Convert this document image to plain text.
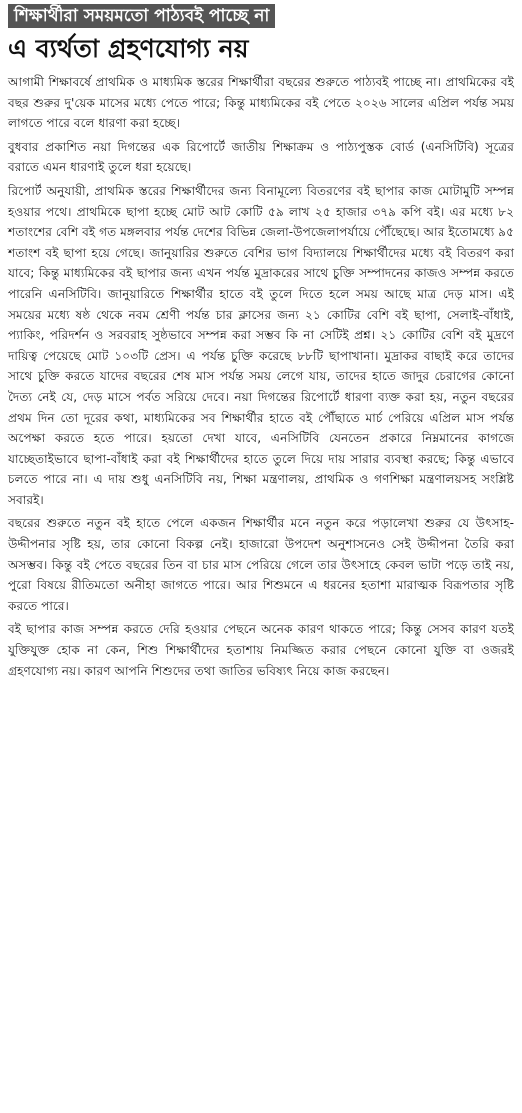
শিক্ষার্থীরা সময়মতো পাঠ্যবই পাচ্ছে না
এ ব্যর্থতা গ্রহণযোগ্য নয়

আগামী শিক্ষাবর্ষে প্রাথমিক ও মাধ্যমিক স্তরের শিক্ষার্থীরা বছরের শুরুতে পাঠ্যবই পাচ্ছে না। প্রাথমিকের বই বছর শুরুর দু'য়েক মাসের মধ্যে পেতে পারে; কিন্তু মাধ্যমিকের বই পেতে ২০২৬ সালের এপ্রিল পর্যন্ত সময় লাগতে পারে বলে ধারণা করা হচ্ছে।

বুধবার প্রকাশিত নয়া দিগন্তের এক রিপোর্টে জাতীয় শিক্ষাক্রম ও পাঠ্যপুস্তক বোর্ড (এনসিটিবি) সূত্রের বরাতে এমন ধারণাই তুলে ধরা হয়েছে।

রিপোর্ট অনুযায়ী, প্রাথমিক স্তরের শিক্ষার্থীদের জন্য বিনামূল্যে বিতরণের বই ছাপার কাজ মোটামুটি সম্পন্ন হওয়ার পথে। প্রাথমিকে ছাপা হচ্ছে মোট আট কোটি ৫৯ লাখ ২৫ হাজার ৩৭৯ কপি বই। এর মধ্যে ৮২ শতাংশের বেশি বই গত মঙ্গলবার পর্যন্ত দেশের বিভিন্ন জেলা-উপজেলাপর্যায়ে পৌঁছেছে। আর ইতোমধ্যে ৯৫ শতাংশ বই ছাপা হয়ে গেছে। জানুয়ারির শুরুতে বেশির ভাগ বিদ্যালয়ে শিক্ষার্থীদের মধ্যে বই বিতরণ করা যাবে; কিন্তু মাধ্যমিকের বই ছাপার জন্য এখন পর্যন্ত মুদ্রাকরের সাথে চুক্তি সম্পাদনের কাজও সম্পন্ন করতে পারেনি এনসিটিবি। জানুয়ারিতে শিক্ষার্থীর হাতে বই তুলে দিতে হলে সময় আছে মাত্র দেড় মাস। এই সময়ের মধ্যে ষষ্ঠ থেকে নবম শ্রেণী পর্যন্ত চার ক্লাসের জন্য ২১ কোটির বেশি বই ছাপা, সেলাই-বাঁধাই, প্যাকিং, পরিদর্শন ও সরবরাহ সুষ্ঠভাবে সম্পন্ন করা সম্ভব কি না সেটিই প্রশ্ন। ২১ কোটির বেশি বই মুদ্রণে দায়িত্ব পেয়েছে মোট ১০৩টি প্রেস। এ পর্যন্ত চুক্তি করেছে ৮৮টি ছাপাখানা। মুদ্রাকর বাছাই করে তাদের সাথে চুক্তি করতে যাদের বছরের শেষ মাস পর্যন্ত সময় লেগে যায়, তাদের হাতে জাদুর চেরাগের কোনো দৈত্য নেই যে, দেড় মাসে পর্বত সরিয়ে দেবে। নয়া দিগন্তের রিপোর্টে ধারণা ব্যক্ত করা হয়, নতুন বছরের প্রথম দিন তো দূরের কথা, মাধ্যমিকের সব শিক্ষার্থীর হাতে বই পৌঁছাতে মার্চ পেরিয়ে এপ্রিল মাস পর্যন্ত অপেক্ষা করতে হতে পারে। হয়তো দেখা যাবে, এনসিটিবি যেনতেন প্রকারে নিম্নমানের কাগজে যাচ্ছেতাইভাবে ছাপা-বাঁধাই করা বই শিক্ষার্থীদের হাতে তুলে দিয়ে দায় সারার ব্যবস্থা করছে; কিন্তু এভাবে চলতে পারে না। এ দায় শুধু এনসিটিবি নয়, শিক্ষা মন্ত্রণালয়, প্রাথমিক ও গণশিক্ষা মন্ত্রণালয়সহ সংশ্লিষ্ট সবারই।

বছরের শুরুতে নতুন বই হাতে পেলে একজন শিক্ষার্থীর মনে নতুন করে পড়ালেখা শুরুর যে উৎসাহ-উদ্দীপনার সৃষ্টি হয়, তার কোনো বিকল্প নেই। হাজারো উপদেশ অনুশাসনেও সেই উদ্দীপনা তৈরি করা অসম্ভব। কিন্তু বই পেতে বছরের তিন বা চার মাস পেরিয়ে গেলে তার উৎসাহে কেবল ভাটা পড়ে তাই নয়, পুরো বিষয়ে রীতিমতো অনীহা জাগতে পারে। আর শিশুমনে এ ধরনের হতাশা মারাত্মক বিরূপতার সৃষ্টি করতে পারে।

বই ছাপার কাজ সম্পন্ন করতে দেরি হওয়ার পেছনে অনেক কারণ থাকতে পারে; কিন্তু সেসব কারণ যতই যুক্তিযুক্ত হোক না কেন, শিশু শিক্ষার্থীদের হতাশায় নিমজ্জিত করার পেছনে কোনো যুক্তি বা ওজরই গ্রহণযোগ্য নয়। কারণ আপনি শিশুদের তথা জাতির ভবিষ্যৎ নিয়ে কাজ করছেন।
